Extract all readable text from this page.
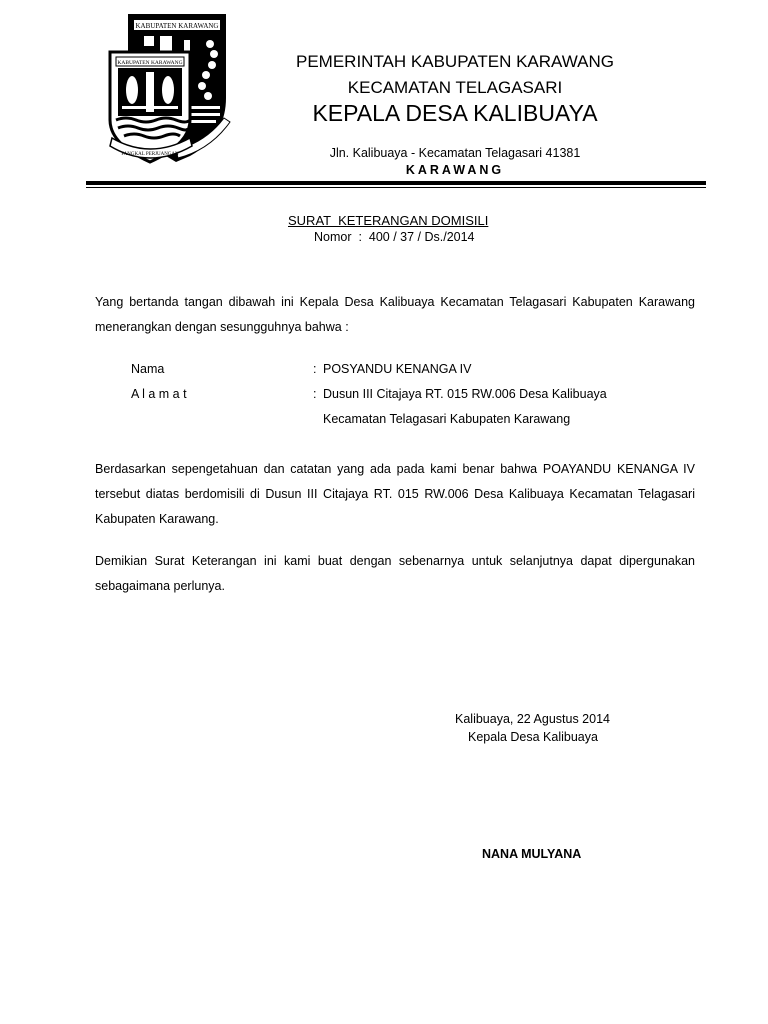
KABUPATEN KARAWANG
KABUPATEN KARAWANG
PANGKAL PERJUANGAN
PEMERINTAH KABUPATEN KARAWANG
KECAMATAN TELAGASARI
KEPALA DESA KALIBUAYA
Jln. Kalibuaya - Kecamatan Telagasari 41381
KARAWANG
SURAT  KETERANGAN DOMISILI
Nomor  :  400 / 37 / Ds./2014
Yang bertanda tangan dibawah ini Kepala Desa Kalibuaya Kecamatan Telagasari Kabupaten Karawang menerangkan dengan sesungguhnya bahwa :
Nama	: POSYANDU KENANGA IV
A l a m a t	: Dusun III Citajaya RT. 015 RW.006 Desa Kalibuaya
Kecamatan Telagasari Kabupaten Karawang
Berdasarkan sepengetahuan dan catatan yang ada pada kami benar bahwa POAYANDU KENANGA IV tersebut diatas berdomisili di Dusun III Citajaya RT. 015 RW.006 Desa Kalibuaya Kecamatan Telagasari Kabupaten Karawang.
Demikian Surat Keterangan ini kami buat dengan sebenarnya untuk selanjutnya dapat dipergunakan sebagaimana perlunya.
Kalibuaya, 22 Agustus 2014
Kepala Desa Kalibuaya
NANA MULYANA
